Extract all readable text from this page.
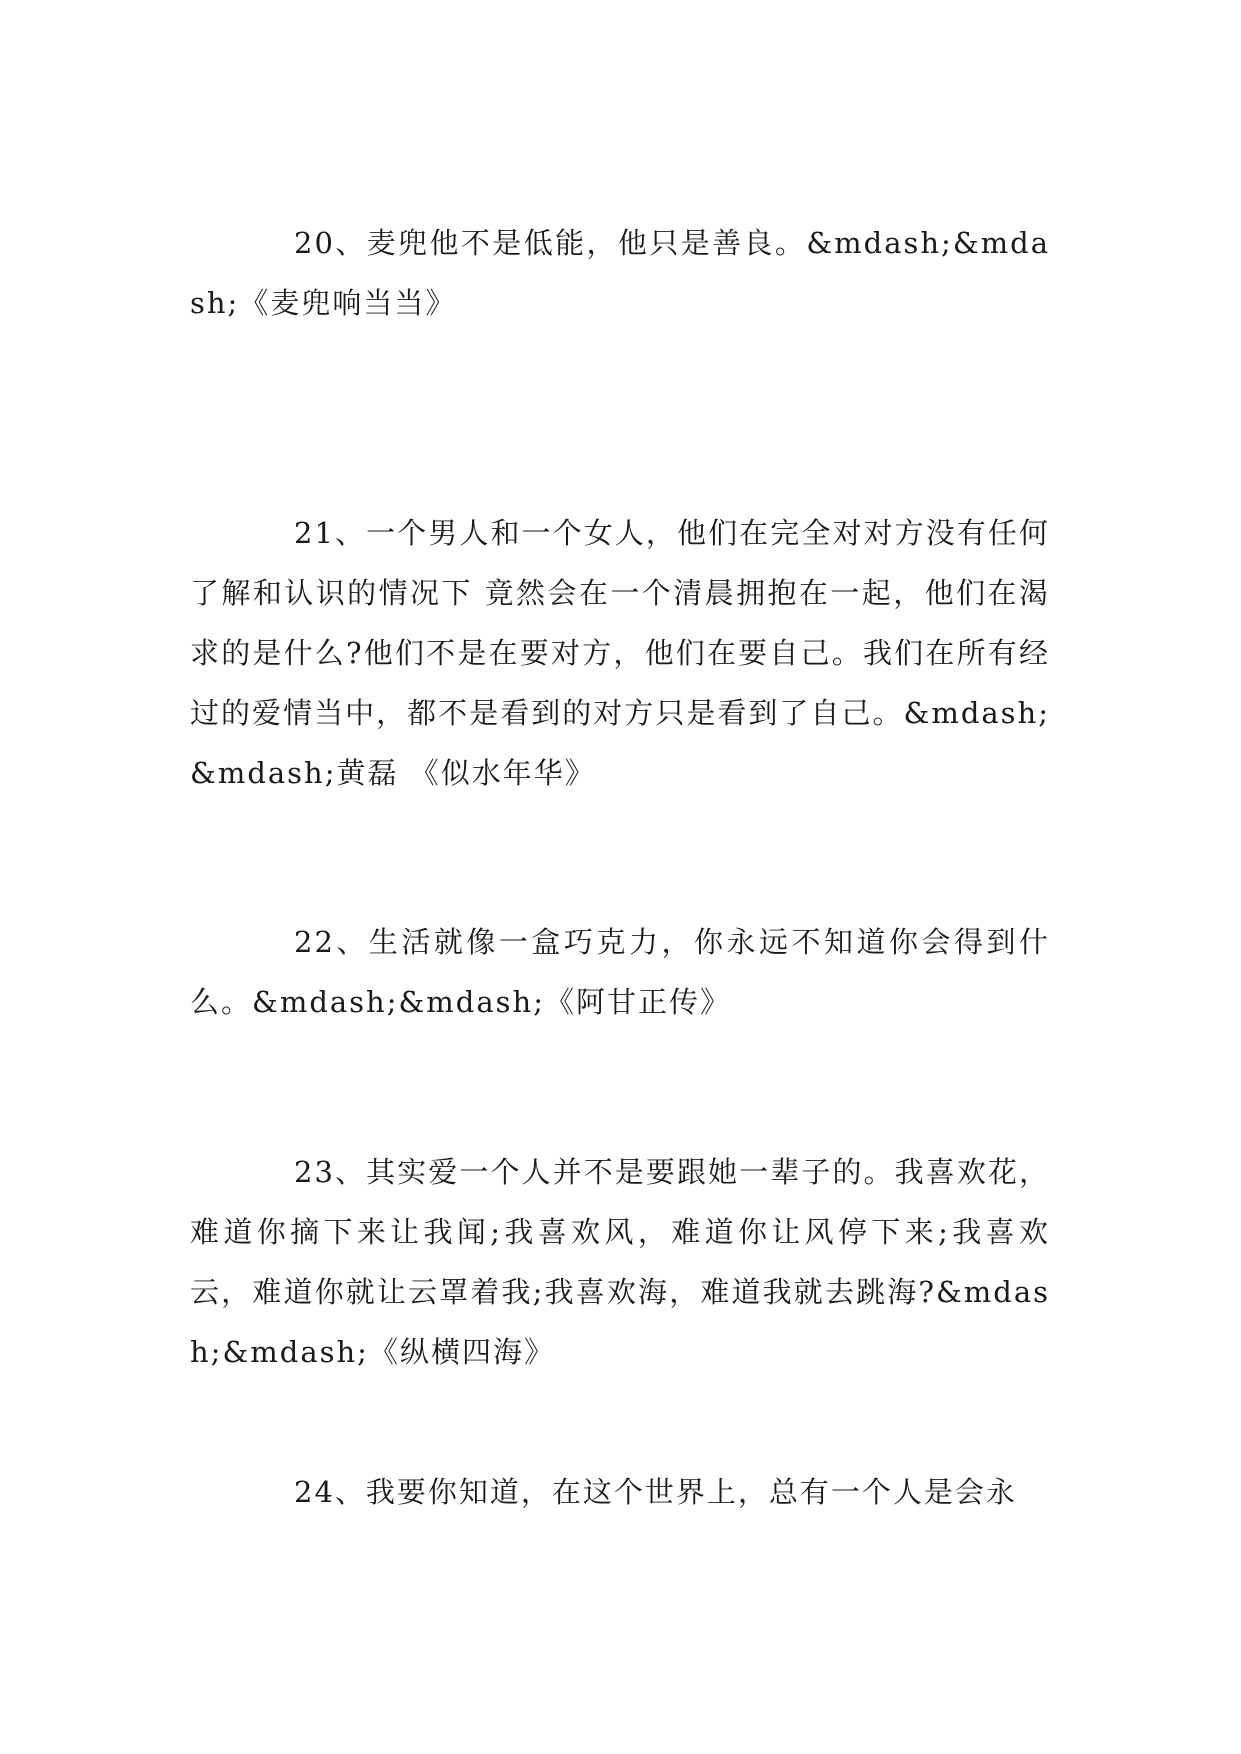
20、麦兜他不是低能，他只是善良。&mdash;&mdash;《麦兜响当当》

21、一个男人和一个女人，他们在完全对对方没有任何了解和认识的情况下 竟然会在一个清晨拥抱在一起，他们在渴求的是什么?他们不是在要对方，他们在要自己。我们在所有经过的爱情当中，都不是看到的对方只是看到了自己。&mdash;&mdash;黄磊 《似水年华》

22、生活就像一盒巧克力，你永远不知道你会得到什么。&mdash;&mdash;《阿甘正传》

23、其实爱一个人并不是要跟她一辈子的。我喜欢花，难道你摘下来让我闻;我喜欢风，难道你让风停下来;我喜欢云，难道你就让云罩着我;我喜欢海，难道我就去跳海?&mdash;&mdash;《纵横四海》

24、我要你知道，在这个世界上，总有一个人是会永
